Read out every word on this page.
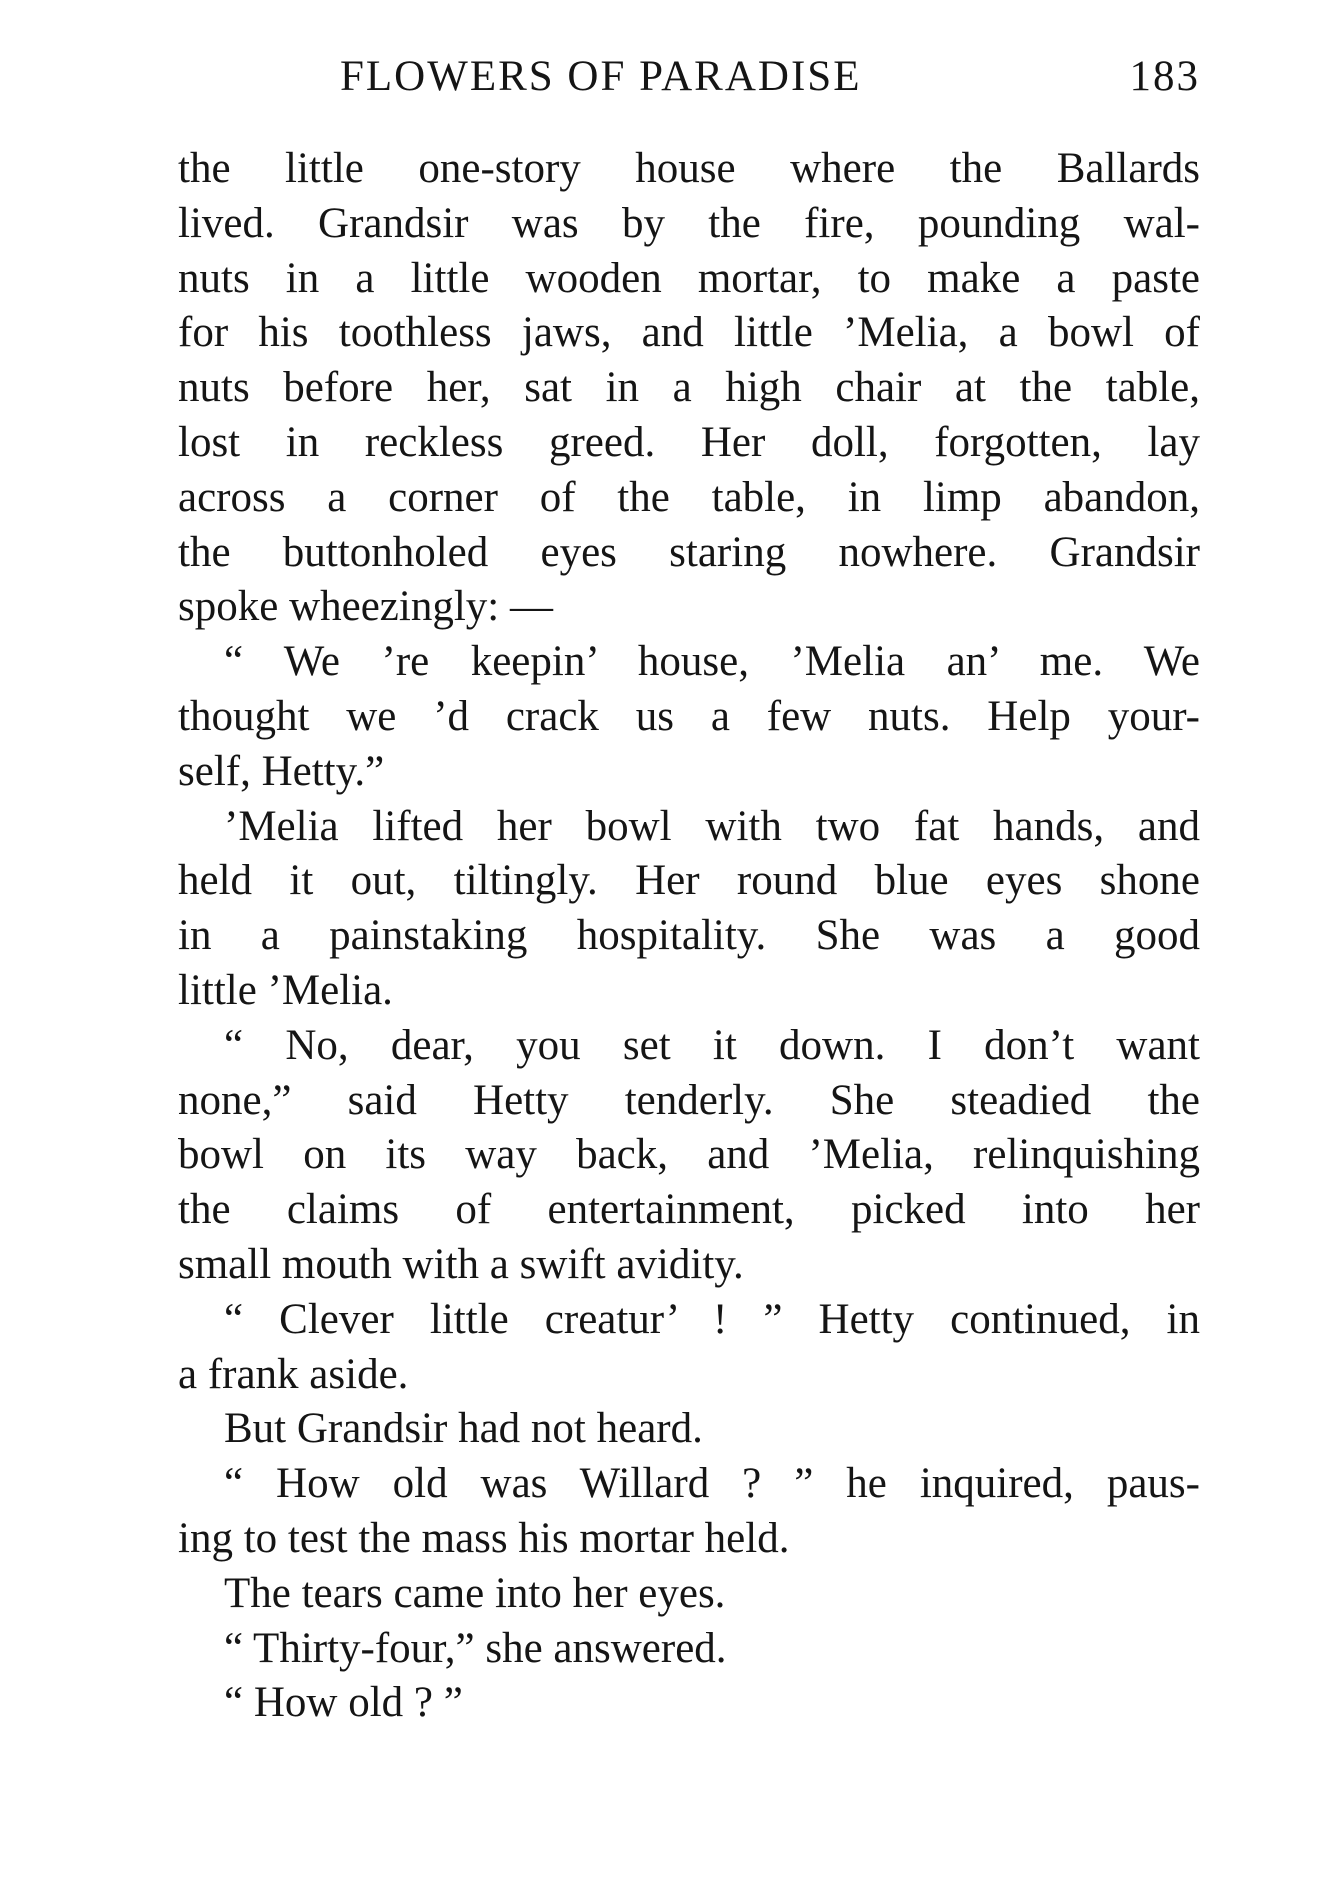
FLOWERS OF PARADISE	183
the little one-story house where the Ballards
lived. Grandsir was by the fire, pounding wal-
nuts in a little wooden mortar, to make a paste
for his toothless jaws, and little ’Melia, a bowl of
nuts before her, sat in a high chair at the table,
lost in reckless greed. Her doll, forgotten, lay
across a corner of the table, in limp abandon,
the buttonholed eyes staring nowhere. Grandsir
spoke wheezingly: —
“ We ’re keepin’ house, ’Melia an’ me. We
thought we ’d crack us a few nuts. Help your-
self, Hetty.”
’Melia lifted her bowl with two fat hands, and
held it out, tiltingly. Her round blue eyes shone
in a painstaking hospitality. She was a good
little ’Melia.
“ No, dear, you set it down. I don’t want
none,” said Hetty tenderly. She steadied the
bowl on its way back, and ’Melia, relinquishing
the claims of entertainment, picked into her
small mouth with a swift avidity.
“ Clever little creatur’ ! ” Hetty continued, in
a frank aside.
But Grandsir had not heard.
“ How old was Willard ? ” he inquired, paus-
ing to test the mass his mortar held.
The tears came into her eyes.
“ Thirty-four,” she answered.
“ How old ? ”
